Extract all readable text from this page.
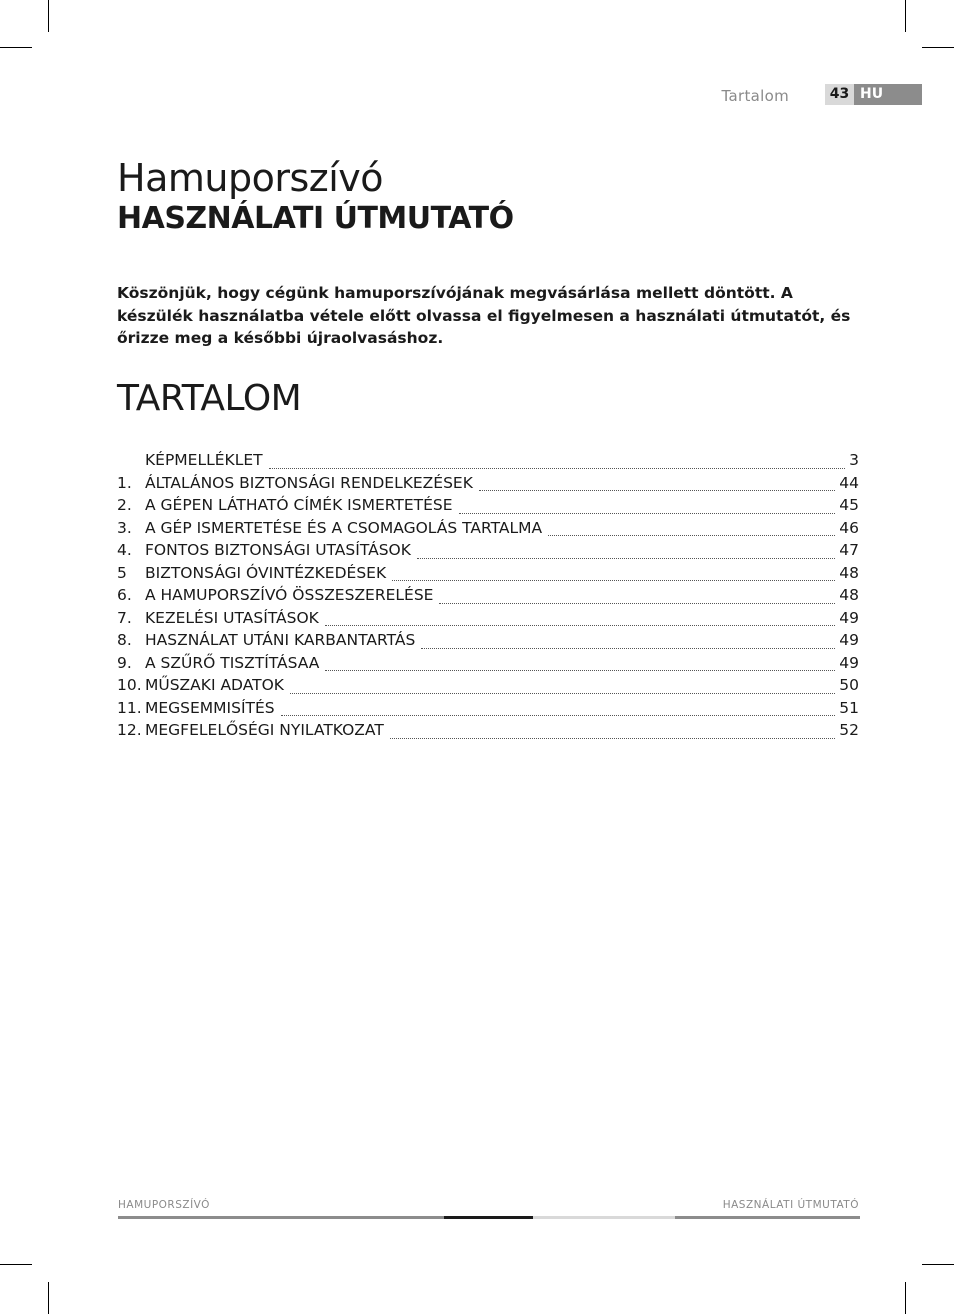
Tartalom	43 HU
Hamuporszívó
HASZNÁLATI ÚTMUTATÓ
Köszönjük, hogy cégünk hamuporszívójának megvásárlása mellett döntött. A készülék használatba vétele előtt olvassa el figyelmesen a használati útmutatót, és őrizze meg a későbbi újraolvasáshoz.
TARTALOM
KÉPMELLÉKLET	3
1. ÁLTALÁNOS BIZTONSÁGI RENDELKEZÉSEK	44
2. A GÉPEN LÁTHATÓ CÍMÉK ISMERTETÉSE	45
3. A GÉP ISMERTETÉSE ÉS A CSOMAGOLÁS TARTALMA	46
4. FONTOS BIZTONSÁGI UTASÍTÁSOK	47
5	BIZTONSÁGI ÓVINTÉZKEDÉSEK	48
6. A HAMUPORSZÍVÓ ÖSSZESZERELÉSE	48
7. KEZELÉSI UTASÍTÁSOK	49
8. HASZNÁLAT UTÁNI KARBANTARTÁS	49
9. A SZŰRŐ TISZTÍTÁSAA	49
10. MŰSZAKI ADATOK	50
11. MEGSEMMISÍTÉS	51
12. MEGFELELŐSÉGI NYILATKOZAT	52
HAMUPORSZÍVÓ	HASZNÁLATI ÚTMUTATÓ
